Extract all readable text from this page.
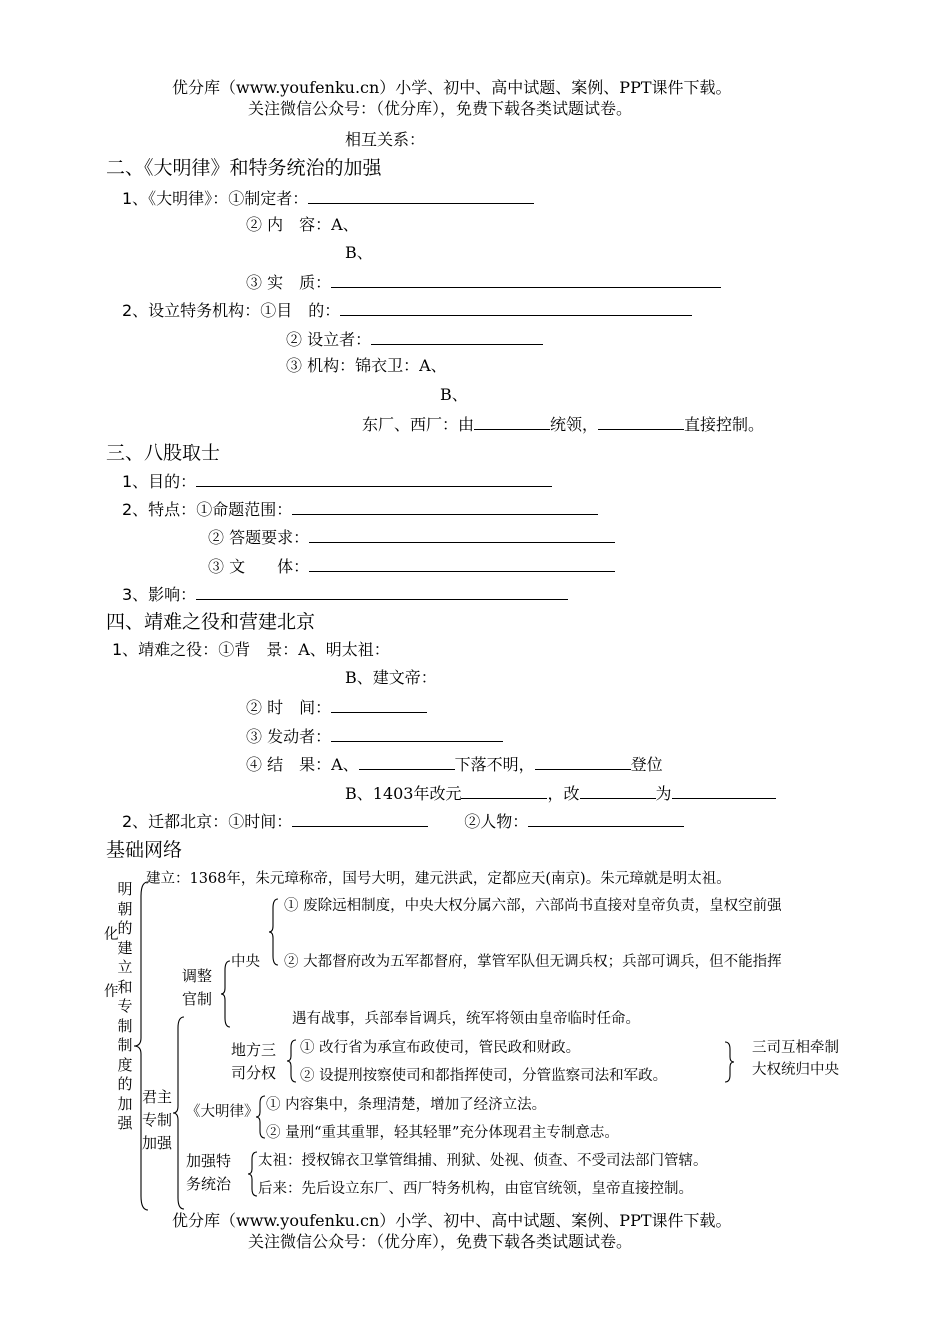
优分库（www.youfenku.cn）小学、初中、高中试题、案例、PPT课件下载。
关注微信公众号：（优分库），免费下载各类试题试卷。
相互关系：
二、《大明律》和特务统治的加强
1、《大明律》：①制定者：
② 内　容：A、
B、
③ 实　质：
2、设立特务机构：①目　的：
② 设立者：
③ 机构：锦衣卫：A、
B、
东厂、西厂：由	统领，	直接控制。
三、八股取士
1、目的：
2、特点：①命题范围：
② 答题要求：
③ 文　　体：
3、影响：
四、靖难之役和营建北京
1、靖难之役：①背　景：A、明太祖：
B、建文帝：
② 时　间：
③ 发动者：
④ 结　果：A、	下落不明，	登位
B、1403年改元	，改	为
2、迁都北京：①时间：	②人物：
基础网络
明朝的建立和专制制度的加强
化
作
建立：1368年，朱元璋称帝，国号大明，建元洪武，定都应天(南京)。朱元璋就是明太祖。
君主专制加强
调整官制
中央
① 废除远相制度，中央大权分属六部，六部尚书直接对皇帝负责，皇权空前强
② 大都督府改为五军都督府，掌管军队但无调兵权；兵部可调兵，但不能指挥
遇有战事，兵部奉旨调兵，统军将领由皇帝临时任命。
地方三司分权
① 改行省为承宣布政使司，管民政和财政。
② 设提刑按察使司和都指挥使司，分管监察司法和军政。
三司互相牵制
大权统归中央
《大明律》 ① 内容集中，条理清楚，增加了经济立法。
② 量刑“重其重罪，轻其轻罪”充分体现君主专制意志。
加强特务统治
太祖：授权锦衣卫掌管缉捕、刑狱、处视、侦查、不受司法部门管辖。
后来：先后设立东厂、西厂特务机构，由宦官统领，皇帝直接控制。
优分库（www.youfenku.cn）小学、初中、高中试题、案例、PPT课件下载。
关注微信公众号：（优分库），免费下载各类试题试卷。
